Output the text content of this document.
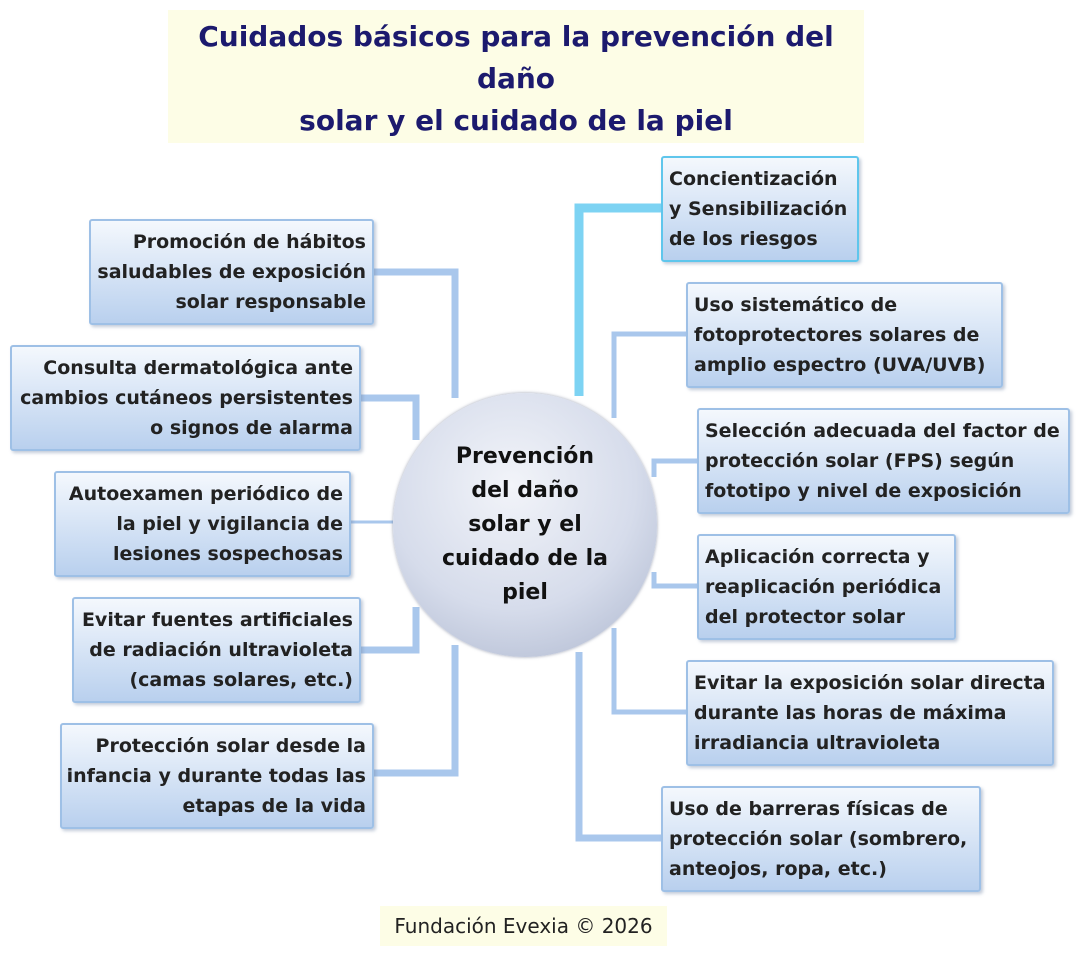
Cuidados básicos para la prevención del daño
solar y el cuidado de la piel
Promoción de hábitos
saludables de exposición
solar responsable
Consulta dermatológica ante
cambios cutáneos persistentes
o signos de alarma
Autoexamen periódico de
la piel y vigilancia de
lesiones sospechosas
Evitar fuentes artificiales
de radiación ultravioleta
(camas solares, etc.)
Protección solar desde la
infancia y durante todas las
etapas de la vida
Prevención
del daño
solar y el
cuidado de la
piel
Concientización
y Sensibilización
de los riesgos
Uso sistemático de
fotoprotectores solares de
amplio espectro (UVA/UVB)
Selección adecuada del factor de
protección solar (FPS) según
fototipo y nivel de exposición
Aplicación correcta y
reaplicación periódica
del protector solar
Evitar la exposición solar directa
durante las horas de máxima
irradiancia ultravioleta
Uso de barreras físicas de
protección solar (sombrero,
anteojos, ropa, etc.)
Fundación Evexia © 2026
